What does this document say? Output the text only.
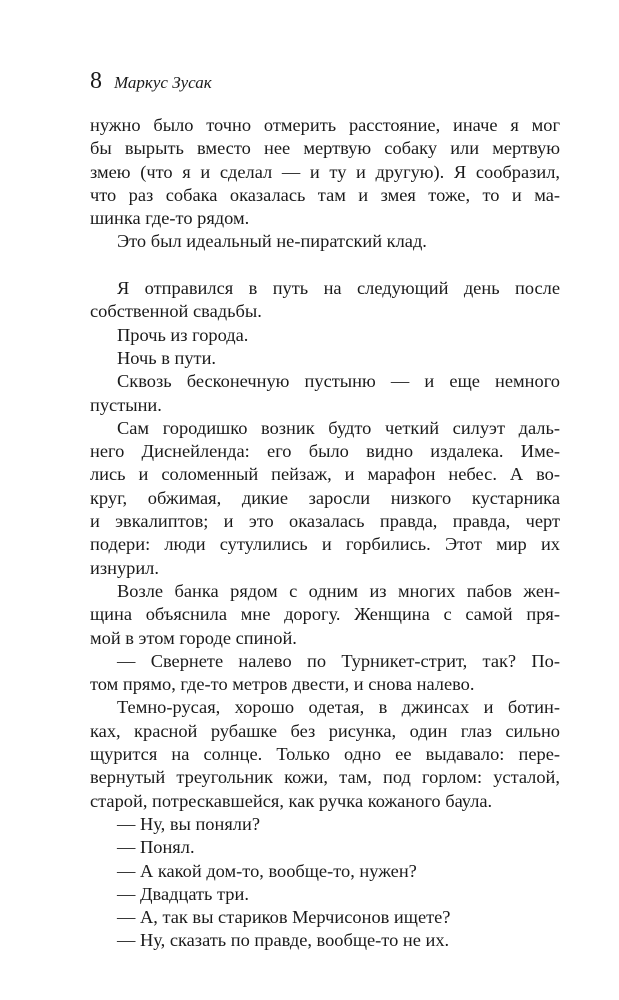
8 Маркус Зусак
нужно было точно отмерить расстояние, иначе я мог
бы вырыть вместо нее мертвую собаку или мертвую
змею (что я и сделал — и ту и другую). Я сообразил,
что раз собака оказалась там и змея тоже, то и ма-
шинка где-то рядом.
Это был идеальный не-пиратский клад.
Я отправился в путь на следующий день после
собственной свадьбы.
Прочь из города.
Ночь в пути.
Сквозь бесконечную пустыню — и еще немного
пустыни.
Сам городишко возник будто четкий силуэт даль-
него Диснейленда: его было видно издалека. Име-
лись и соломенный пейзаж, и марафон небес. А во-
круг, обжимая, дикие заросли низкого кустарника
и эвкалиптов; и это оказалась правда, правда, черт
подери: люди сутулились и горбились. Этот мир их
изнурил.
Возле банка рядом с одним из многих пабов жен-
щина объяснила мне дорогу. Женщина с самой пря-
мой в этом городе спиной.
— Свернете налево по Турникет-стрит, так? По-
том прямо, где-то метров двести, и снова налево.
Темно-русая, хорошо одетая, в джинсах и ботин-
ках, красной рубашке без рисунка, один глаз сильно
щурится на солнце. Только одно ее выдавало: пере-
вернутый треугольник кожи, там, под горлом: усталой,
старой, потрескавшейся, как ручка кожаного баула.
— Ну, вы поняли?
— Понял.
— А какой дом-то, вообще-то, нужен?
— Двадцать три.
— А, так вы стариков Мерчисонов ищете?
— Ну, сказать по правде, вообще-то не их.
